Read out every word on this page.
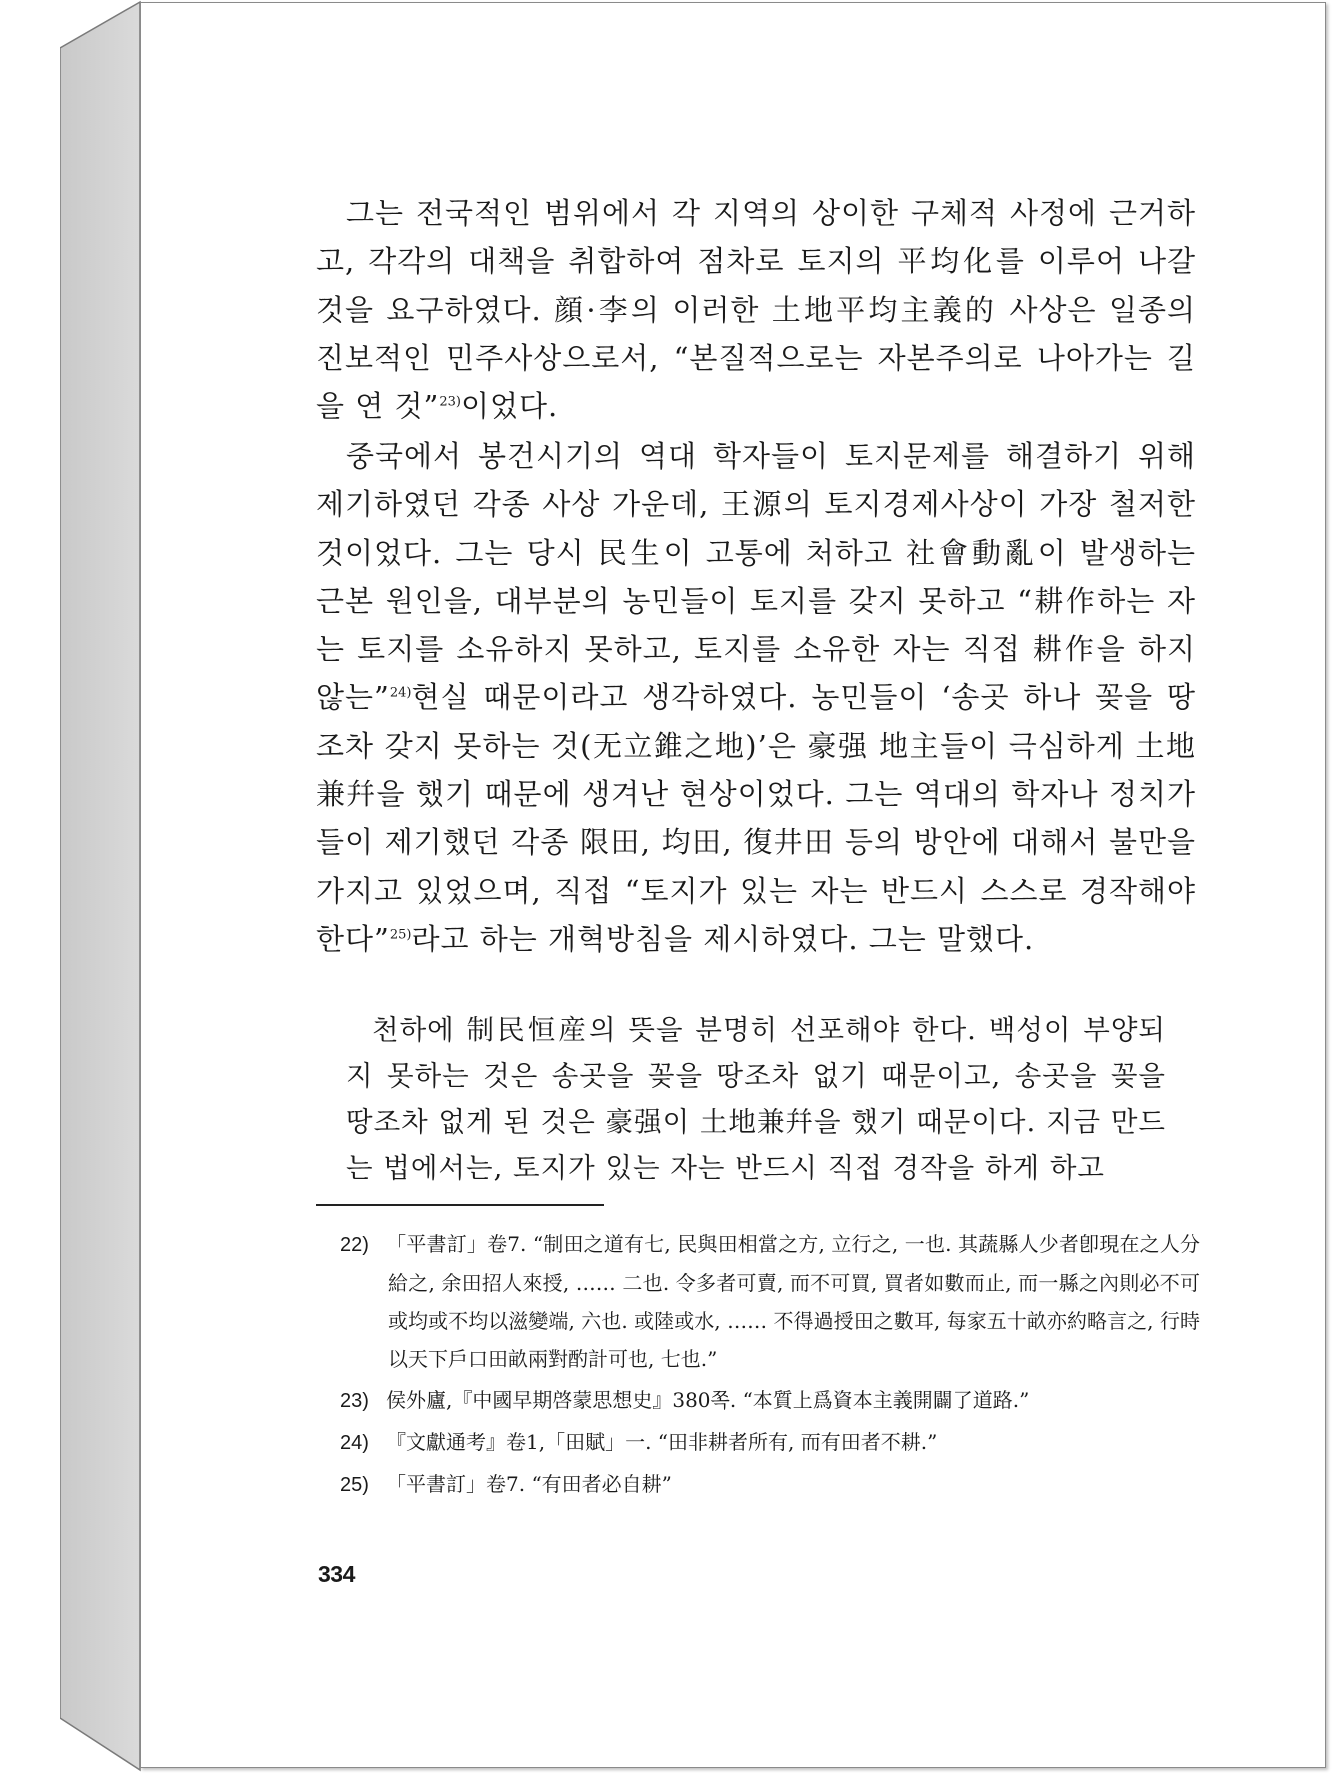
그는 전국적인 범위에서 각 지역의 상이한 구체적 사정에 근거하고, 각각의 대책을 취합하여 점차로 토지의 平均化를 이루어 나갈 것을 요구하였다. 顔·李의 이러한 土地平均主義的 사상은 일종의 진보적인 민주사상으로서, “본질적으로는 자본주의로 나아가는 길을 연 것”$^{23)}$이었다.

중국에서 봉건시기의 역대 학자들이 토지문제를 해결하기 위해 제기하였던 각종 사상 가운데, 王源의 토지경제사상이 가장 철저한 것이었다. 그는 당시 民生이 고통에 처하고 社會動亂이 발생하는 근본 원인을, 대부분의 농민들이 토지를 갖지 못하고 “耕作하는 자는 토지를 소유하지 못하고, 토지를 소유한 자는 직접 耕作을 하지 않는”$^{24)}$현실 때문이라고 생각하였다. 농민들이 ‘송곳 하나 꽂을 땅조차 갖지 못하는 것(无立錐之地)’은 豪强 地主들이 극심하게 土地兼幷을 했기 때문에 생겨난 현상이었다. 그는 역대의 학자나 정치가들이 제기했던 각종 限田, 均田, 復井田 등의 방안에 대해서 불만을 가지고 있었으며, 직접 “토지가 있는 자는 반드시 스스로 경작해야 한다”$^{25)}$라고 하는 개혁방침을 제시하였다. 그는 말했다.

천하에 制民恒産의 뜻을 분명히 선포해야 한다. 백성이 부양되지 못하는 것은 송곳을 꽂을 땅조차 없기 때문이고, 송곳을 꽂을 땅조차 없게 된 것은 豪强이 土地兼幷을 했기 때문이다. 지금 만드는 법에서는, 토지가 있는 자는 반드시 직접 경작을 하게 하고

22) 「平書訂」卷7. “制田之道有七, 民與田相當之方, 立行之, 一也. 其蔬縣人少者卽現在之人分給之, 余田招人來授, …… 二也. 令多者可賣, 而不可買, 買者如數而止, 而一縣之內則必不可或均或不均以滋變端, 六也. 或陸或水, …… 不得過授田之數耳, 每家五十畝亦約略言之, 行時以天下戶口田畝兩對酌計可也, 七也.”
23) 侯外廬,『中國早期啓蒙思想史』380쪽. “本質上爲資本主義開闢了道路.”
24) 『文獻通考』卷1,「田賦」一. “田非耕者所有, 而有田者不耕.”
25) 「平書訂」卷7. “有田者必自耕”
334
